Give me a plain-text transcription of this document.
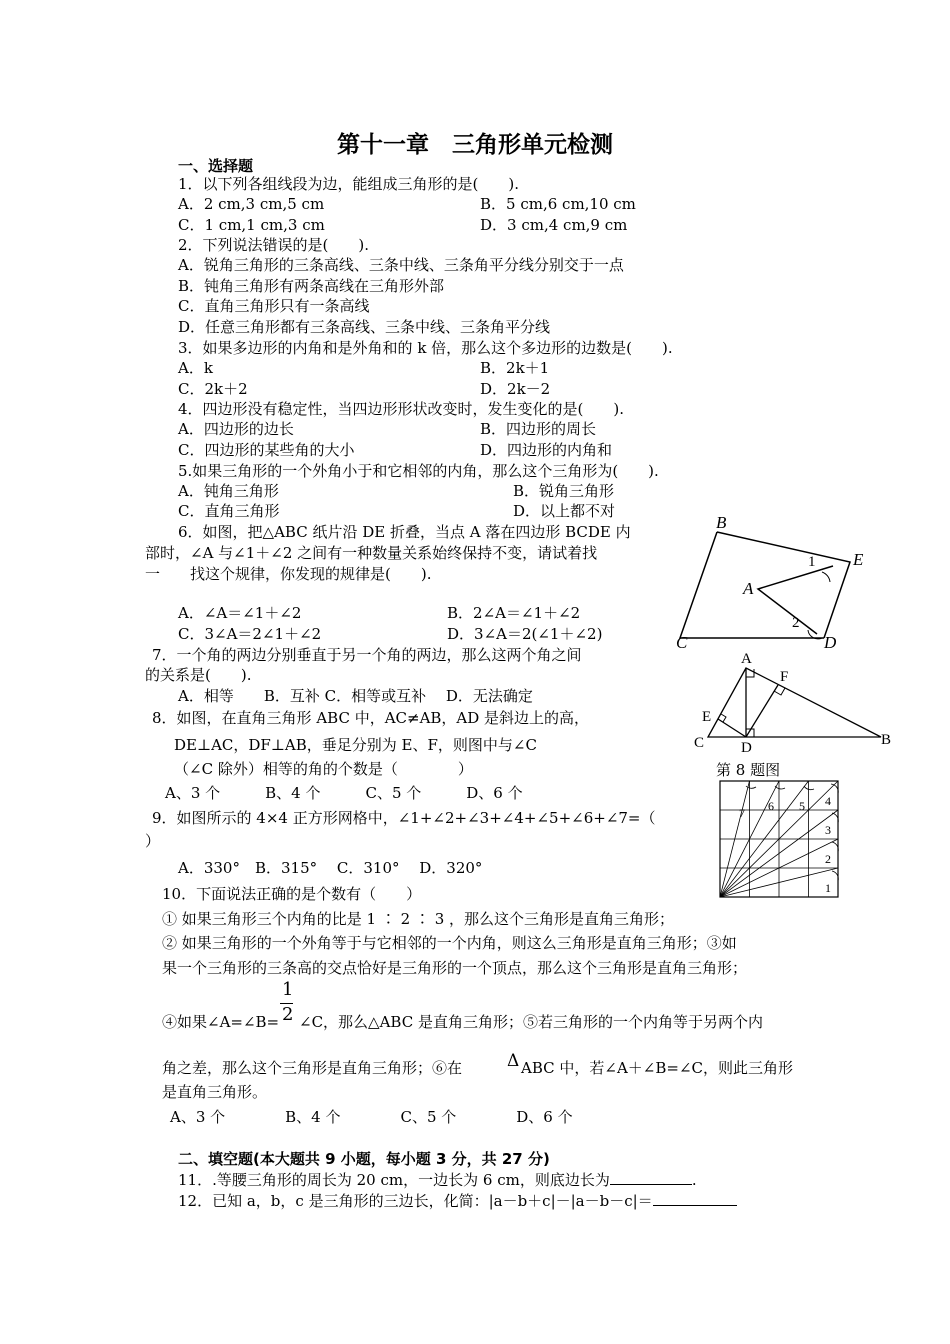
第十一章　三角形单元检测
一、选择题
1．以下列各组线段为边，能组成三角形的是(　　).
A．2 cm,3 cm,5 cm	B．5 cm,6 cm,10 cm
C．1 cm,1 cm,3 cm	D．3 cm,4 cm,9 cm
2．下列说法错误的是(　　).
A．锐角三角形的三条高线、三条中线、三条角平分线分别交于一点
B．钝角三角形有两条高线在三角形外部
C．直角三角形只有一条高线
D．任意三角形都有三条高线、三条中线、三条角平分线
3．如果多边形的内角和是外角和的 k 倍，那么这个多边形的边数是(　　).
A．k	B．2k＋1
C．2k＋2	D．2k－2
4．四边形没有稳定性，当四边形形状改变时，发生变化的是(　　).
A．四边形的边长	B．四边形的周长
C．四边形的某些角的大小	D．四边形的内角和
5.如果三角形的一个外角小于和它相邻的内角，那么这个三角形为(　　).
A．钝角三角形	B．锐角三角形
C．直角三角形	D．以上都不对
6．如图，把△ABC 纸片沿 DE 折叠，当点 A 落在四边形 BCDE 内
部时，∠A 与∠1＋∠2 之间有一种数量关系始终保持不变，请试着找
一　　找这个规律，你发现的规律是(　　).
A．∠A＝∠1＋∠2	B．2∠A＝∠1＋∠2
C．3∠A＝2∠1＋∠2	D．3∠A＝2(∠1＋∠2)
B
E
A
1
2
C	D
7．一个角的两边分别垂直于另一个角的两边，那么这两个角之间
的关系是(　　).
A．相等　　B．互补 C．相等或互补　 D．无法确定
8．如图，在直角三角形 ABC 中，AC≠AB，AD 是斜边上的高，
DE⊥AC，DF⊥AB，垂足分别为 E、F，则图中与∠C
（∠C 除外）相等的角的个数是（　　　　）
A、3 个　　　B、4 个　　　C、5 个　　　D、6 个
A
F
E
C D	B
第 8 题图
9．如图所示的 4×4 正方形网格中，∠1+∠2+∠3+∠4+∠5+∠6+∠7=（
）
A．330°　B．315°　 C．310°　 D．320°
1
2
3
4
5
6
7
10．下面说法正确的是个数有（　　）
① 如果三角形三个内角的比是 1 ∶ 2 ∶ 3 ，那么这个三角形是直角三角形；
② 如果三角形的一个外角等于与它相邻的一个内角，则这么三角形是直角三角形；③如
果一个三角形的三条高的交点恰好是三角形的一个顶点，那么这个三角形是直角三角形；
④如果∠A=∠B=
1
2 ∠C，那么△ABC 是直角三角形；⑤若三角形的一个内角等于另两个内
角之差，那么这个三角形是直角三角形；⑥在	Δ ABC 中，若∠A＋∠B=∠C，则此三角形
是直角三角形。
A、3 个　　　　B、4 个　　　　C、5 个　　　　D、6 个
二、填空题(本大题共 9 小题，每小题 3 分，共 27 分)
11．.等腰三角形的周长为 20 cm，一边长为 6 cm，则底边长为	.
12．已知 a，b，c 是三角形的三边长，化简：|a－b＋c|－|a－b－c|＝
